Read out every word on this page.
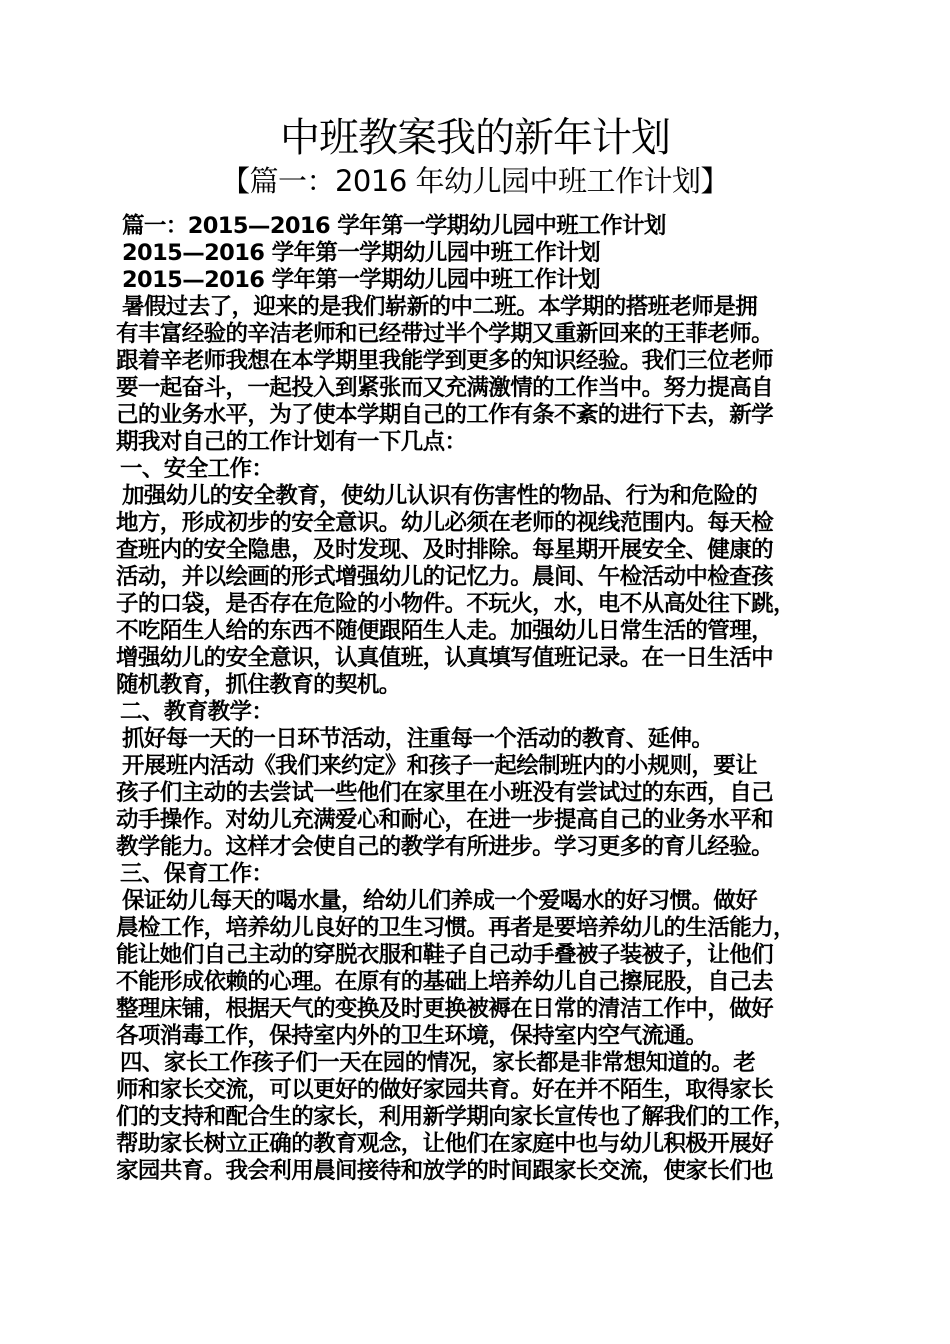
中班教案我的新年计划
【篇一：2016 年幼儿园中班工作计划】
篇一：2015—2016 学年第一学期幼儿园中班工作计划
2015—2016 学年第一学期幼儿园中班工作计划
2015—2016 学年第一学期幼儿园中班工作计划
暑假过去了，迎来的是我们崭新的中二班。本学期的搭班老师是拥
有丰富经验的辛洁老师和已经带过半个学期又重新回来的王菲老师。
跟着辛老师我想在本学期里我能学到更多的知识经验。我们三位老师
要一起奋斗，一起投入到紧张而又充满激情的工作当中。努力提高自
己的业务水平，为了使本学期自己的工作有条不紊的进行下去，新学
期我对自己的工作计划有一下几点：
一、安全工作：
加强幼儿的安全教育，使幼儿认识有伤害性的物品、行为和危险的
地方，形成初步的安全意识。幼儿必须在老师的视线范围内。每天检
查班内的安全隐患，及时发现、及时排除。每星期开展安全、健康的
活动，并以绘画的形式增强幼儿的记忆力。晨间、午检活动中检查孩
子的口袋，是否存在危险的小物件。不玩火，水，电不从高处往下跳，
不吃陌生人给的东西不随便跟陌生人走。加强幼儿日常生活的管理，
增强幼儿的安全意识，认真值班，认真填写值班记录。在一日生活中
随机教育，抓住教育的契机。
二、教育教学：
抓好每一天的一日环节活动，注重每一个活动的教育、延伸。
开展班内活动《我们来约定》和孩子一起绘制班内的小规则，要让
孩子们主动的去尝试一些他们在家里在小班没有尝试过的东西，自己
动手操作。对幼儿充满爱心和耐心，在进一步提高自己的业务水平和
教学能力。这样才会使自己的教学有所进步。学习更多的育儿经验。
三、保育工作：
保证幼儿每天的喝水量，给幼儿们养成一个爱喝水的好习惯。做好
晨检工作，培养幼儿良好的卫生习惯。再者是要培养幼儿的生活能力，
能让她们自己主动的穿脱衣服和鞋子自己动手叠被子装被子，让他们
不能形成依赖的心理。在原有的基础上培养幼儿自己擦屁股，自己去
整理床铺，根据天气的变换及时更换被褥在日常的清洁工作中，做好
各项消毒工作，保持室内外的卫生环境，保持室内空气流通。
四、家长工作孩子们一天在园的情况，家长都是非常想知道的。老
师和家长交流，可以更好的做好家园共育。好在并不陌生，取得家长
们的支持和配合生的家长，利用新学期向家长宣传也了解我们的工作，
帮助家长树立正确的教育观念，让他们在家庭中也与幼儿积极开展好
家园共育。我会利用晨间接待和放学的时间跟家长交流，使家长们也
